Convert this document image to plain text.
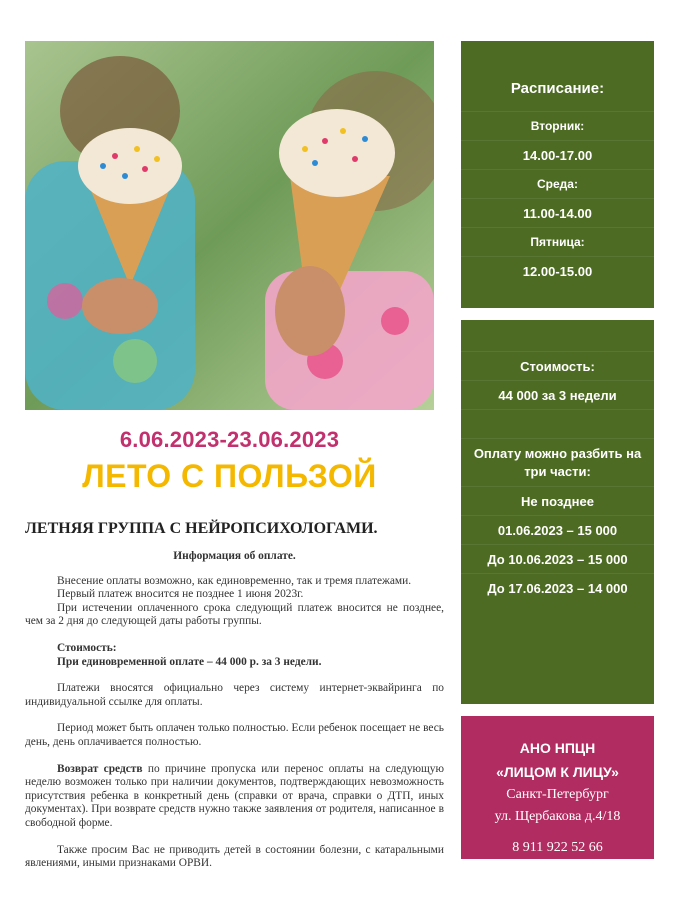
6.06.2023-23.06.2023
ЛЕТО С ПОЛЬЗОЙ
ЛЕТНЯЯ ГРУППА С НЕЙРОПСИХОЛОГАМИ.
Информация об оплате.

Внесение оплаты возможно, как единовременно, так и тремя платежами.

Первый платеж вносится не позднее 1 июня 2023г.

При истечении оплаченного срока следующий платеж вносится не позднее, чем за 2 дня до следующей даты работы группы.

Стоимость:
При единовременной оплате – 44 000 р. за 3 недели.

Платежи вносятся официально через систему интернет-эквайринга по индивидуальной ссылке для оплаты.

Период может быть оплачен только полностью. Если ребенок посещает не весь день, день оплачивается полностью.

Возврат средств по причине пропуска или перенос оплаты на следующую неделю возможен только при наличии документов, подтверждающих невозможность присутствия ребенка в конкретный день (справки от врача, справки о ДТП, иных документах). При возврате средств нужно также заявления от родителя, написанное в свободной форме.

Также просим Вас не приводить детей в состоянии болезни, с катаральными явлениями, иными признаками ОРВИ.

Расписание:
Вторник:
14.00-17.00
Среда:
11.00-14.00
Пятница:
12.00-15.00
Стоимость:
44 000 за 3 недели
Оплату можно разбить на три части:
Не позднее
01.06.2023 – 15 000
До 10.06.2023 – 15 000
До 17.06.2023 – 14 000
АНО НПЦН
«ЛИЦОМ К ЛИЦУ»
Санкт-Петербург
ул. Щербакова д.4/18
8 911 922 52 66
